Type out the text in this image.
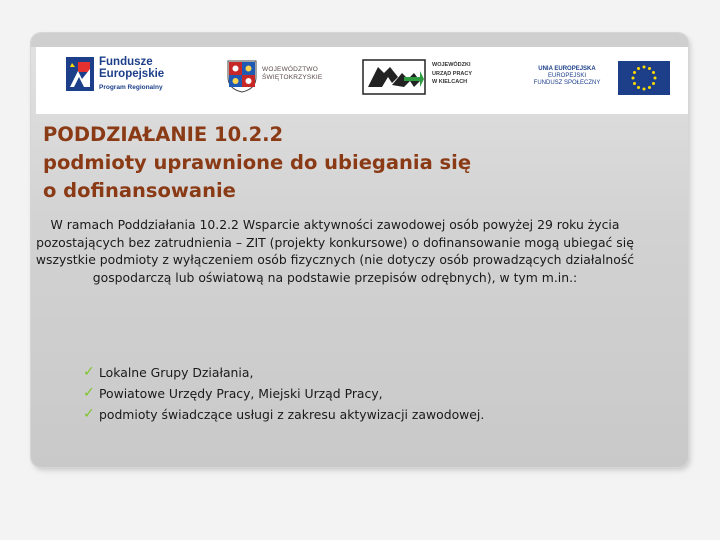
Fundusze
Europejskie
Program Regionalny
WOJEWÓDZTWO
ŚWIĘTOKRZYSKIE
WOJEWÓDZKI
URZĄD PRACY
W KIELCACH
UNIA EUROPEJSKA
EUROPEJSKI
FUNDUSZ SPOŁECZNY
PODDZIAŁANIE 10.2.2
podmioty uprawnione do ubiegania się
o dofinansowanie

W ramach Poddziałania 10.2.2 Wsparcie aktywności zawodowej osób powyżej 29 roku życia pozostających bez zatrudnienia – ZIT (projekty konkursowe) o dofinansowanie mogą ubiegać się wszystkie podmioty z wyłączeniem osób fizycznych (nie dotyczy osób prowadzących działalność gospodarczą lub oświatową na podstawie przepisów odrębnych), w tym m.in.:

✓ Lokalne Grupy Działania,
✓ Powiatowe Urzędy Pracy, Miejski Urząd Pracy,
✓ podmioty świadczące usługi z zakresu aktywizacji zawodowej.
